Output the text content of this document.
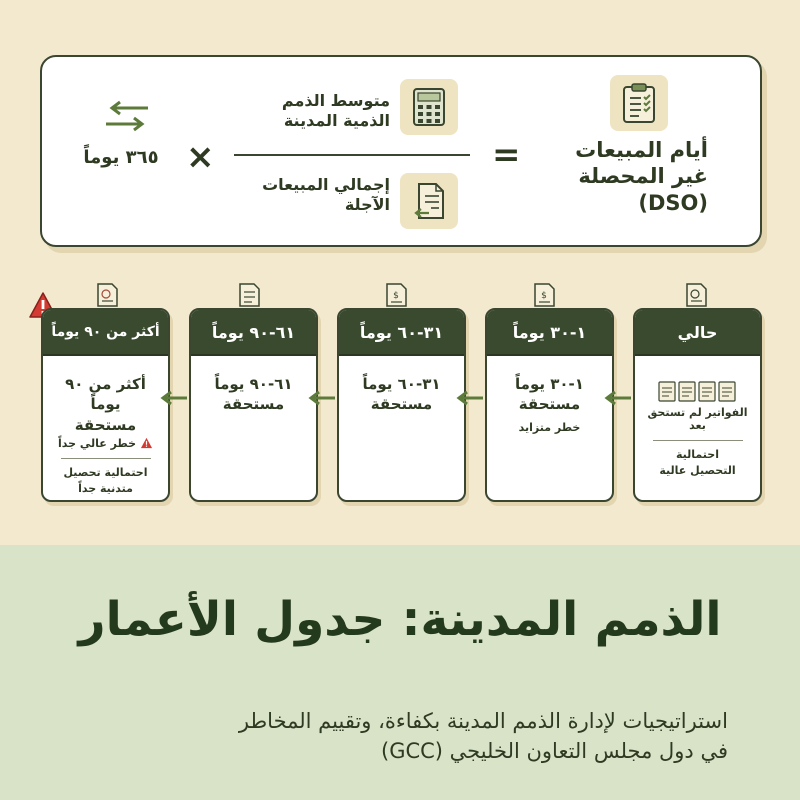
أيام المبيعات
غير المحصلة (DSO)
=
متوسط الذمم
الذمية المدينة
إجمالي المبيعات
الآجلة
×
٣٦٥ يوماً
$
$
حالي
الفواتير لم تستحق
بعد
احتمالية
التحصيل عالية
١-٣٠ يوماً
١-٣٠ يوماً
مستحقة
خطر متزايد
٣١-٦٠ يوماً
٣١-٦٠ يوماً
مستحقة
٦١-٩٠ يوماً
٦١-٩٠ يوماً
مستحقة
أكثر من ٩٠ يوماً
أكثر من ٩٠ يوماً
مستحقة
خطر عالي جداً
احتمالية تحصيل
متدنية جداً
الذمم المدينة: جدول الأعمار
استراتيجيات لإدارة الذمم المدينة بكفاءة، وتقييم المخاطر
في دول مجلس التعاون الخليجي (GCC)
